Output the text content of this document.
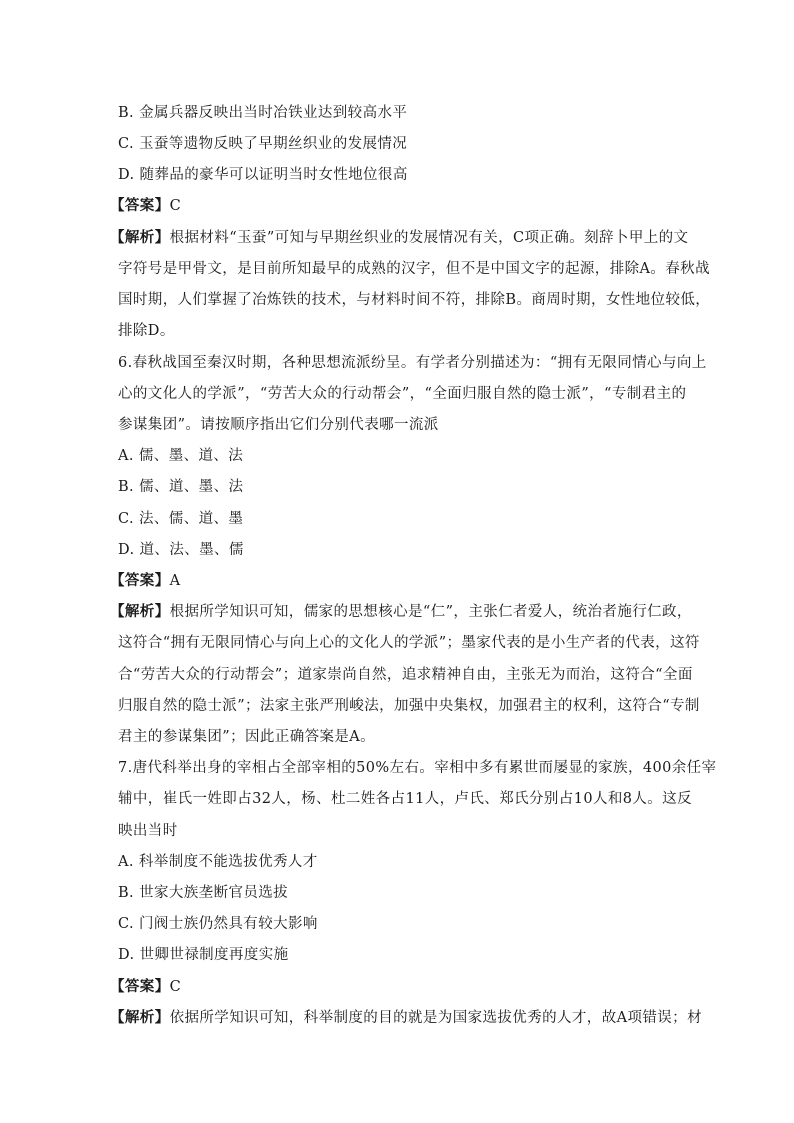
B. 金属兵器反映出当时冶铁业达到较高水平
C. 玉蚕等遗物反映了早期丝织业的发展情况
D. 随葬品的豪华可以证明当时女性地位很高
【答案】C
【解析】根据材料“玉蚕”可知与早期丝织业的发展情况有关，C项正确。刻辞卜甲上的文
字符号是甲骨文，是目前所知最早的成熟的汉字，但不是中国文字的起源，排除A。春秋战
国时期，人们掌握了冶炼铁的技术，与材料时间不符，排除B。商周时期，女性地位较低，
排除D。
6.春秋战国至秦汉时期，各种思想流派纷呈。有学者分别描述为：“拥有无限同情心与向上
心的文化人的学派”，“劳苦大众的行动帮会”，“全面归服自然的隐士派”，“专制君主的
参谋集团”。请按顺序指出它们分别代表哪一流派
A. 儒、墨、道、法
B. 儒、道、墨、法
C. 法、儒、道、墨
D. 道、法、墨、儒
【答案】A
【解析】根据所学知识可知，儒家的思想核心是“仁”，主张仁者爱人，统治者施行仁政，
这符合“拥有无限同情心与向上心的文化人的学派”；墨家代表的是小生产者的代表，这符
合“劳苦大众的行动帮会”；道家崇尚自然，追求精神自由，主张无为而治，这符合“全面
归服自然的隐士派”；法家主张严刑峻法，加强中央集权，加强君主的权利，这符合“专制
君主的参谋集团”；因此正确答案是A。
7.唐代科举出身的宰相占全部宰相的50%左右。宰相中多有累世而屡显的家族，400余任宰
辅中，崔氏一姓即占32人，杨、杜二姓各占11人，卢氏、郑氏分别占10人和8人。这反
映出当时
A. 科举制度不能选拔优秀人才
B. 世家大族垄断官员选拔
C. 门阀士族仍然具有较大影响
D. 世卿世禄制度再度实施
【答案】C
【解析】依据所学知识可知，科举制度的目的就是为国家选拔优秀的人才，故A项错误；材
